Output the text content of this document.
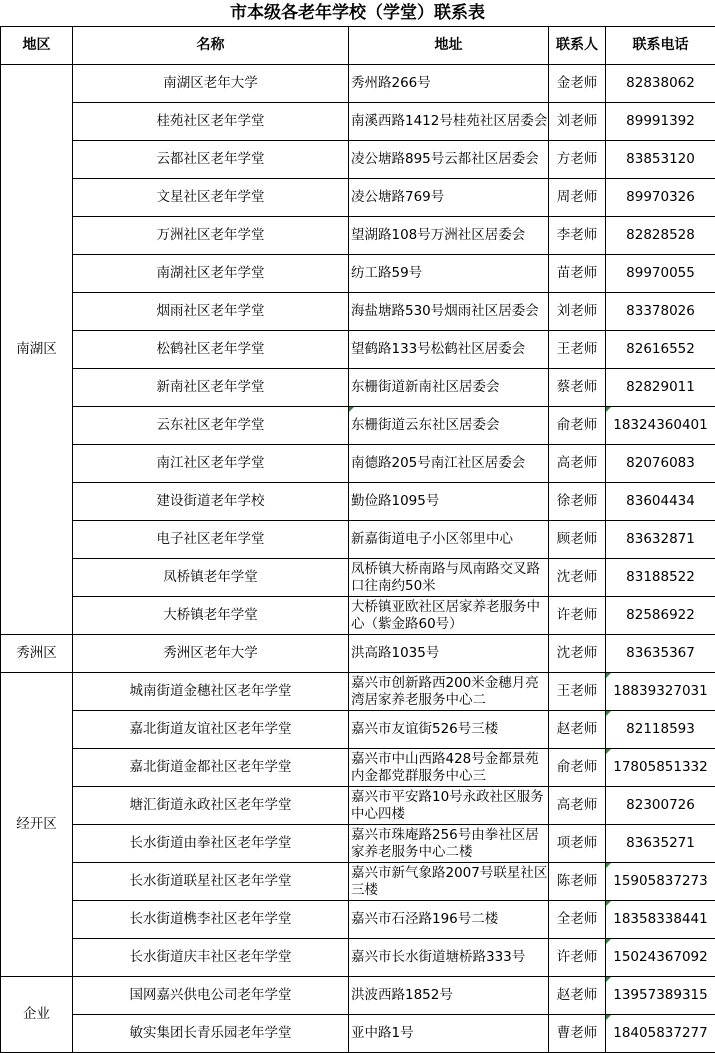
市本级各老年学校（学堂）联系表
地区	名称	地址	联系人	联系电话
南湖区	南湖区老年大学	秀州路266号	金老师	82838062
	桂苑社区老年学堂	南溪西路1412号桂苑社区居委会	刘老师	89991392
	云都社区老年学堂	凌公塘路895号云都社区居委会	方老师	83853120
	文星社区老年学堂	凌公塘路769号	周老师	89970326
	万洲社区老年学堂	望湖路108号万洲社区居委会	李老师	82828528
	南湖社区老年学堂	纺工路59号	苗老师	89970055
	烟雨社区老年学堂	海盐塘路530号烟雨社区居委会	刘老师	83378026
	松鹤社区老年学堂	望鹤路133号松鹤社区居委会	王老师	82616552
	新南社区老年学堂	东栅街道新南社区居委会	蔡老师	82829011
	云东社区老年学堂	东栅街道云东社区居委会	俞老师	18324360401
	南江社区老年学堂	南德路205号南江社区居委会	高老师	82076083
	建设街道老年学校	勤俭路1095号	徐老师	83604434
	电子社区老年学堂	新嘉街道电子小区邻里中心	顾老师	83632871
	凤桥镇老年学堂	凤桥镇大桥南路与凤南路交叉路口往南约50米	沈老师	83188522
	大桥镇老年学堂	大桥镇亚欧社区居家养老服务中心（紫金路60号）	许老师	82586922
秀洲区	秀洲区老年大学	洪高路1035号	沈老师	83635367
经开区	城南街道金穗社区老年学堂	嘉兴市创新路西200米金穗月亮湾居家养老服务中心二	王老师	18839327031
	嘉北街道友谊社区老年学堂	嘉兴市友谊街526号三楼	赵老师	82118593
	嘉北街道金都社区老年学堂	嘉兴市中山西路428号金都景苑内金都党群服务中心三	俞老师	17805851332
	塘汇街道永政社区老年学堂	嘉兴市平安路10号永政社区服务中心四楼	高老师	82300726
	长水街道由拳社区老年学堂	嘉兴市珠庵路256号由拳社区居家养老服务中心二楼	项老师	83635271
	长水街道联星社区老年学堂	嘉兴市新气象路2007号联星社区三楼	陈老师	15905837273
	长水街道槜李社区老年学堂	嘉兴市石泾路196号二楼	全老师	18358338441
	长水街道庆丰社区老年学堂	嘉兴市长水街道塘桥路333号	许老师	15024367092
企业	国网嘉兴供电公司老年学堂	洪波西路1852号	赵老师	13957389315
	敏实集团长青乐园老年学堂	亚中路1号	曹老师	18405837277
